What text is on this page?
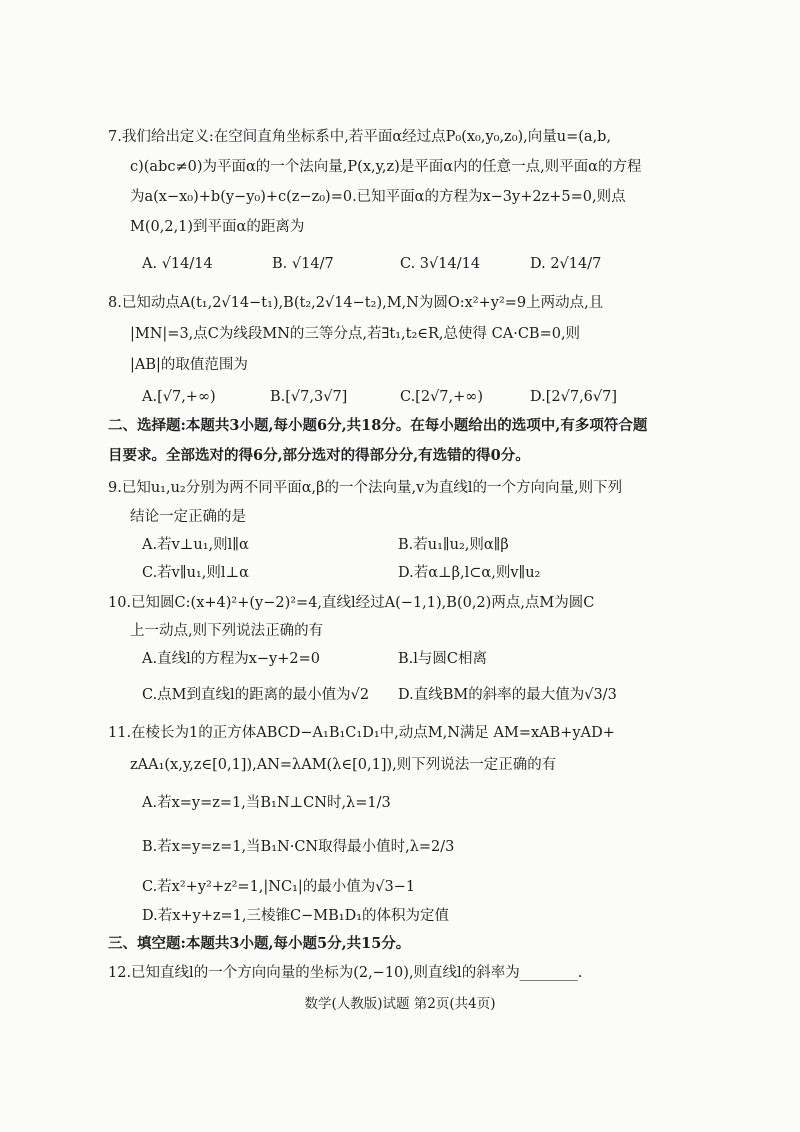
7.我们给出定义:在空间直角坐标系中,若平面α经过点P₀(x₀,y₀,z₀),向量u=(a,b,
c)(abc≠0)为平面α的一个法向量,P(x,y,z)是平面α内的任意一点,则平面α的方程
为a(x−x₀)+b(y−y₀)+c(z−z₀)=0.已知平面α的方程为x−3y+2z+5=0,则点
M(0,2,1)到平面α的距离为
A. √14/14	B. √14/7	C. 3√14/14	D. 2√14/7
8.已知动点A(t₁,2√14−t₁),B(t₂,2√14−t₂),M,N为圆O:x²+y²=9上两动点,且
|MN|=3,点C为线段MN的三等分点,若∃t₁,t₂∈R,总使得 CA·CB=0,则
|AB|的取值范围为
A.[√7,+∞)	B.[√7,3√7]	C.[2√7,+∞)	D.[2√7,6√7]
二、选择题:本题共3小题,每小题6分,共18分。在每小题给出的选项中,有多项符合题
目要求。全部选对的得6分,部分选对的得部分分,有选错的得0分。
9.已知u₁,u₂分别为两不同平面α,β的一个法向量,v为直线l的一个方向向量,则下列
结论一定正确的是
A.若v⊥u₁,则l∥α	B.若u₁∥u₂,则α∥β
C.若v∥u₁,则l⊥α	D.若α⊥β,l⊂α,则v∥u₂
10.已知圆C:(x+4)²+(y−2)²=4,直线l经过A(−1,1),B(0,2)两点,点M为圆C
上一动点,则下列说法正确的有
A.直线l的方程为x−y+2=0	B.l与圆C相离
C.点M到直线l的距离的最小值为√2 D.直线BM的斜率的最大值为√3/3
11.在棱长为1的正方体ABCD−A₁B₁C₁D₁中,动点M,N满足 AM=xAB+yAD+
zAA₁(x,y,z∈[0,1]),AN=λAM(λ∈[0,1]),则下列说法一定正确的有
A.若x=y=z=1,当B₁N⊥CN时,λ=1/3
B.若x=y=z=1,当B₁N·CN取得最小值时,λ=2/3
C.若x²+y²+z²=1,|NC₁|的最小值为√3−1
D.若x+y+z=1,三棱锥C−MB₁D₁的体积为定值
三、填空题:本题共3小题,每小题5分,共15分。
12.已知直线l的一个方向向量的坐标为(2,−10),则直线l的斜率为________.
数学(人教版)试题 第2页(共4页)
